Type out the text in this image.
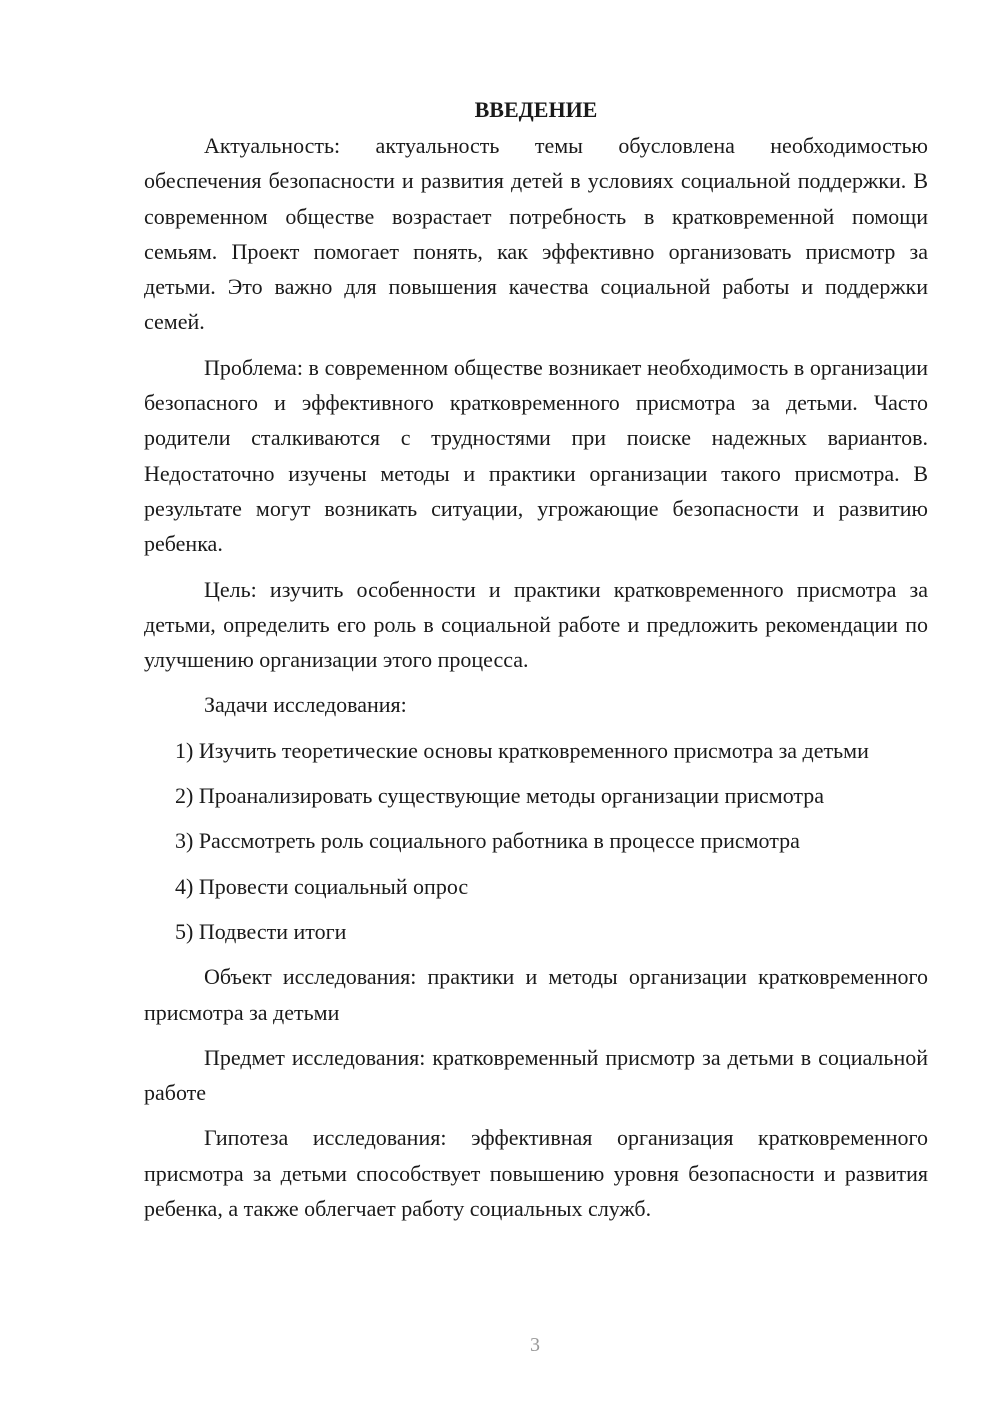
ВВЕДЕНИЕ

Актуальность: актуальность темы обусловлена необходимостью обеспечения безопасности и развития детей в условиях социальной поддержки. В современном обществе возрастает потребность в кратковременной помощи семьям. Проект помогает понять, как эффективно организовать присмотр за детьми. Это важно для повышения качества социальной работы и поддержки семей.

Проблема: в современном обществе возникает необходимость в организации безопасного и эффективного кратковременного присмотра за детьми. Часто родители сталкиваются с трудностями при поиске надежных вариантов. Недостаточно изучены методы и практики организации такого присмотра. В результате могут возникать ситуации, угрожающие безопасности и развитию ребенка.

Цель: изучить особенности и практики кратковременного присмотра за детьми, определить его роль в социальной работе и предложить рекомендации по улучшению организации этого процесса.

Задачи исследования:

1) Изучить теоретические основы кратковременного присмотра за детьми

2) Проанализировать существующие методы организации присмотра

3) Рассмотреть роль социального работника в процессе присмотра

4) Провести социальный опрос

5) Подвести итоги

Объект исследования: практики и методы организации кратковременного присмотра за детьми

Предмет исследования: кратковременный присмотр за детьми в социальной работе

Гипотеза исследования: эффективная организация кратковременного присмотра за детьми способствует повышению уровня безопасности и развития ребенка, а также облегчает работу социальных служб.

3
